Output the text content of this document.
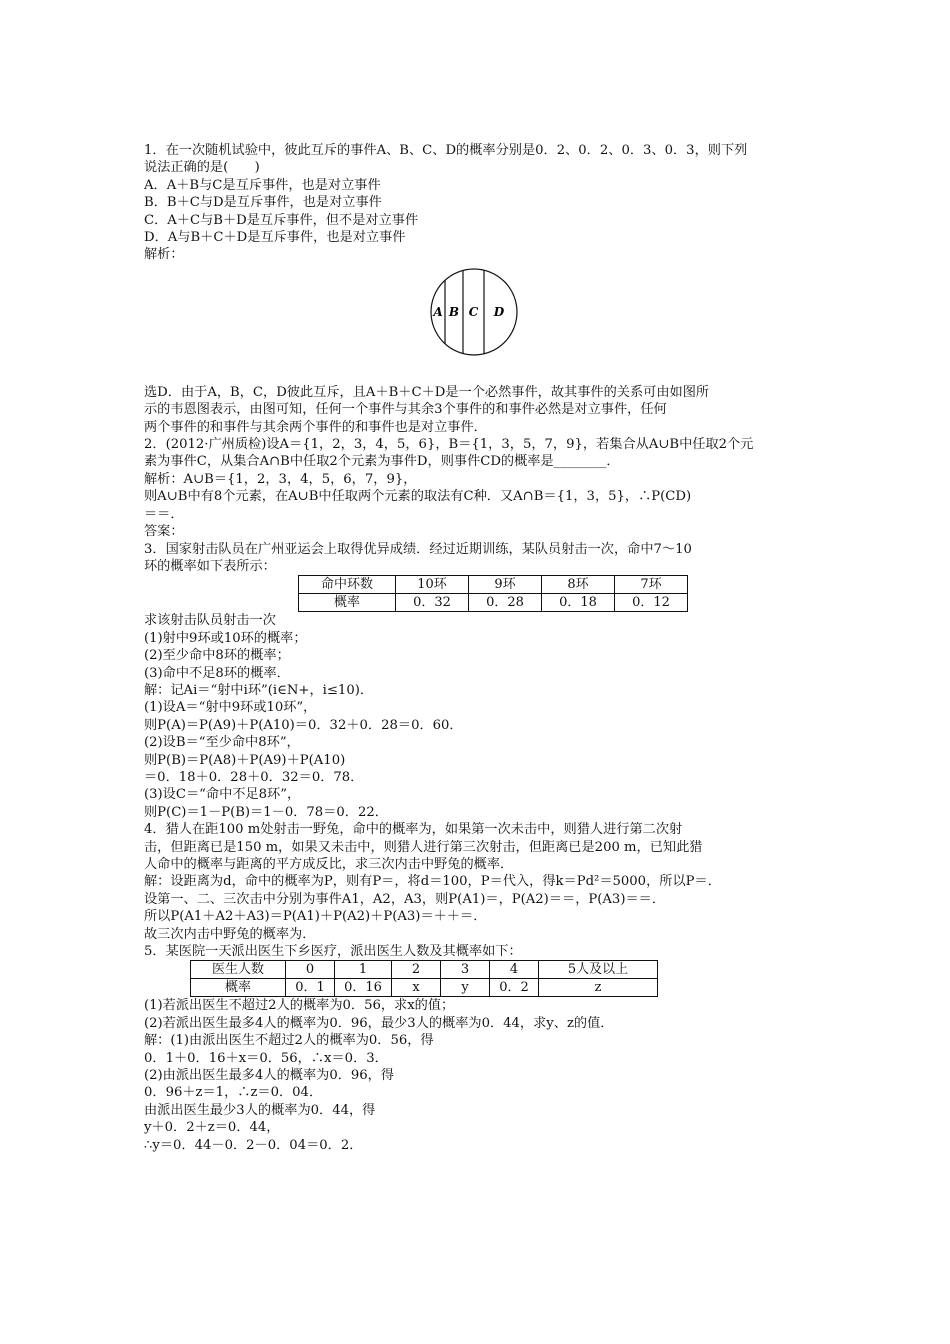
1．在一次随机试验中，彼此互斥的事件A、B、C、D的概率分别是0．2、0．2、0．3、0．3，则下列
说法正确的是(　　)
A．A＋B与C是互斥事件，也是对立事件
B．B＋C与D是互斥事件，也是对立事件
C．A＋C与B＋D是互斥事件，但不是对立事件
D．A与B＋C＋D是互斥事件，也是对立事件
解析：
A B C D
选D．由于A，B，C，D彼此互斥，且A＋B＋C＋D是一个必然事件，故其事件的关系可由如图所
示的韦恩图表示，由图可知，任何一个事件与其余3个事件的和事件必然是对立事件，任何
两个事件的和事件与其余两个事件的和事件也是对立事件．
2．(2012·广州质检)设A＝{1，2，3，4，5，6}，B＝{1，3，5，7，9}，若集合从A∪B中任取2个元
素为事件C，从集合A∩B中任取2个元素为事件D，则事件CD的概率是________．
解析：A∪B＝{1，2，3，4，5，6，7，9}，
则A∪B中有8个元素，在A∪B中任取两个元素的取法有C种．又A∩B＝{1，3，5}，∴P(CD)
＝＝．
答案：
3．国家射击队员在广州亚运会上取得优异成绩．经过近期训练，某队员射击一次，命中7～10
环的概率如下表所示：
命中环数	10环	9环	8环	7环
概率	0．32	0．28	0．18	0．12
求该射击队员射击一次
(1)射中9环或10环的概率；
(2)至少命中8环的概率；
(3)命中不足8环的概率．
解：记Ai＝“射中i环”(i∈N+，i≤10)．
(1)设A＝“射中9环或10环”，
则P(A)＝P(A9)＋P(A10)＝0．32＋0．28＝0．60．
(2)设B＝“至少命中8环”，
则P(B)＝P(A8)＋P(A9)＋P(A10)
＝0．18＋0．28＋0．32＝0．78．
(3)设C＝“命中不足8环”，
则P(C)＝1－P(B)＝1－0．78＝0．22．
4．猎人在距100 m处射击一野兔，命中的概率为，如果第一次未击中，则猎人进行第二次射
击，但距离已是150 m，如果又未击中，则猎人进行第三次射击，但距离已是200 m，已知此猎
人命中的概率与距离的平方成反比，求三次内击中野兔的概率．
解：设距离为d，命中的概率为P，则有P＝，将d＝100，P＝代入，得k＝Pd²＝5000，所以P＝．
设第一、二、三次击中分别为事件A1，A2，A3，则P(A1)＝，P(A2)＝＝，P(A3)＝＝．
所以P(A1＋A2＋A3)＝P(A1)＋P(A2)＋P(A3)＝＋＋＝．
故三次内击中野兔的概率为．
5．某医院一天派出医生下乡医疗，派出医生人数及其概率如下：
医生人数	0	1	2	3	4	5人及以上
概率	0．1	0．16	x	y	0．2	z
(1)若派出医生不超过2人的概率为0．56，求x的值；
(2)若派出医生最多4人的概率为0．96，最少3人的概率为0．44，求y、z的值．
解：(1)由派出医生不超过2人的概率为0．56，得
0．1＋0．16＋x＝0．56，∴x＝0．3．
(2)由派出医生最多4人的概率为0．96，得
0．96＋z＝1，∴z＝0．04．
由派出医生最少3人的概率为0．44，得
y＋0．2＋z＝0．44，
∴y＝0．44－0．2－0．04＝0．2．
